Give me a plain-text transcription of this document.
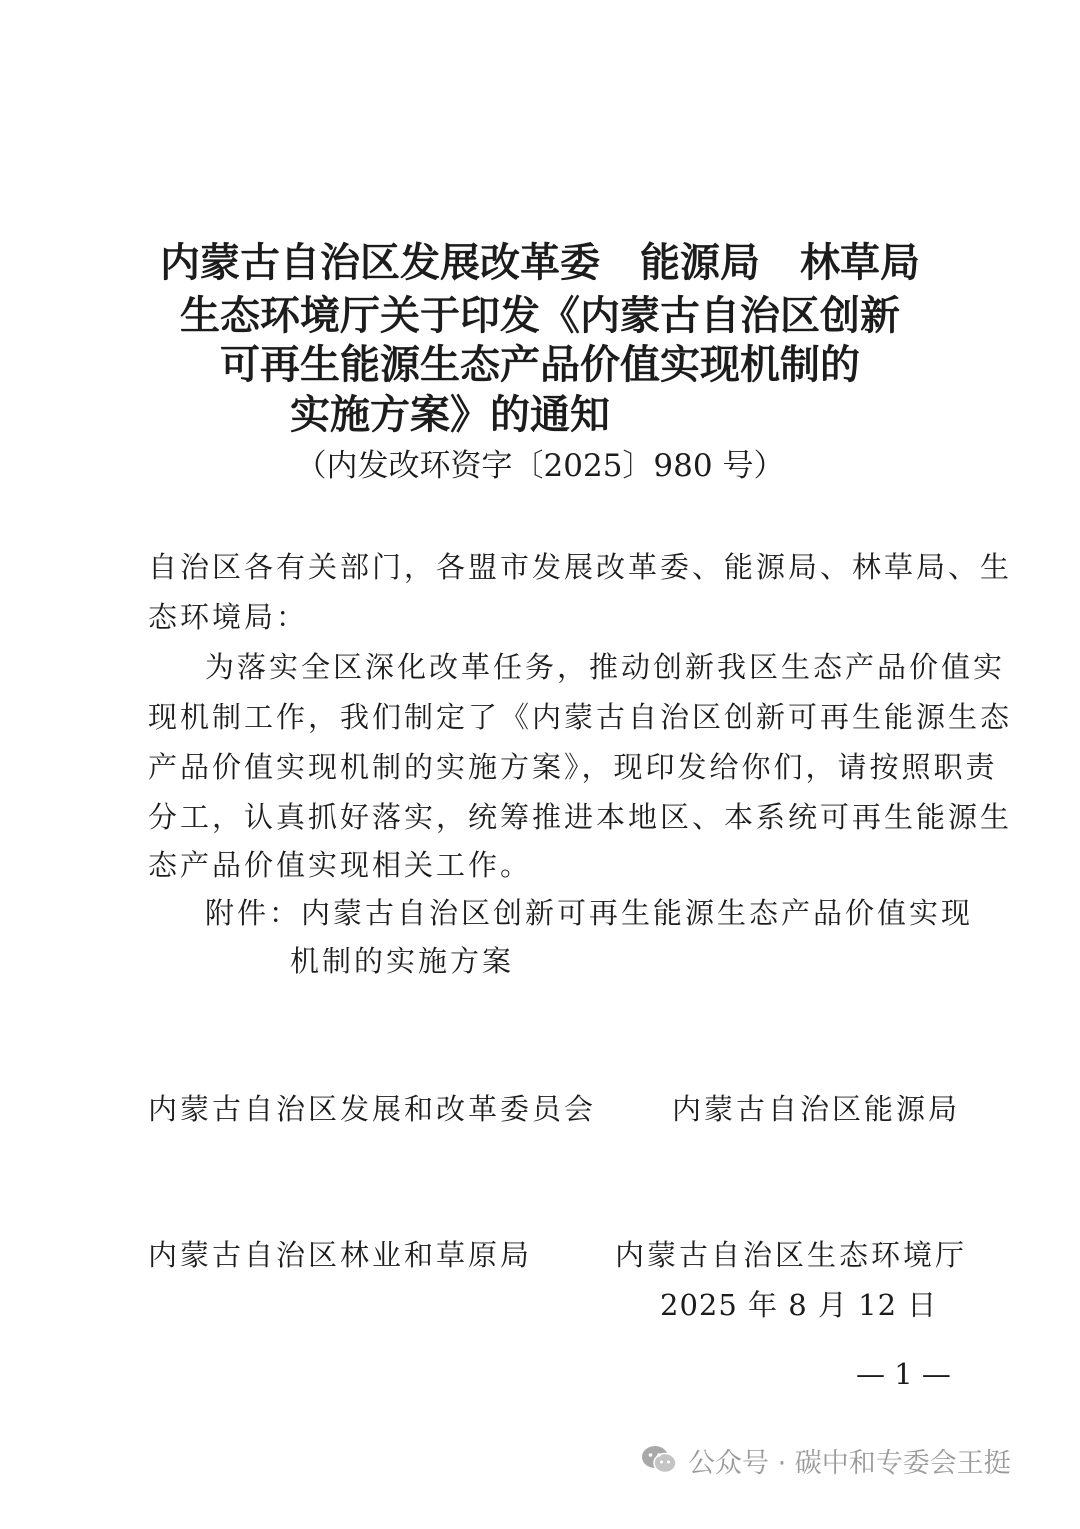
内蒙古自治区发展改革委　能源局　林草局
生态环境厅关于印发《内蒙古自治区创新
可再生能源生态产品价值实现机制的
实施方案》的通知
（内发改环资字〔2025〕980 号）
自治区各有关部门，各盟市发展改革委、能源局、林草局、生
态环境局：
为落实全区深化改革任务，推动创新我区生态产品价值实
现机制工作，我们制定了《内蒙古自治区创新可再生能源生态
产品价值实现机制的实施方案》，现印发给你们，请按照职责
分工，认真抓好落实，统筹推进本地区、本系统可再生能源生
态产品价值实现相关工作。
附件：内蒙古自治区创新可再生能源生态产品价值实现
机制的实施方案
内蒙古自治区发展和改革委员会	内蒙古自治区能源局
内蒙古自治区林业和草原局	内蒙古自治区生态环境厅
2025 年 8 月 12 日
— 1 —
公众号 · 碳中和专委会王挺
